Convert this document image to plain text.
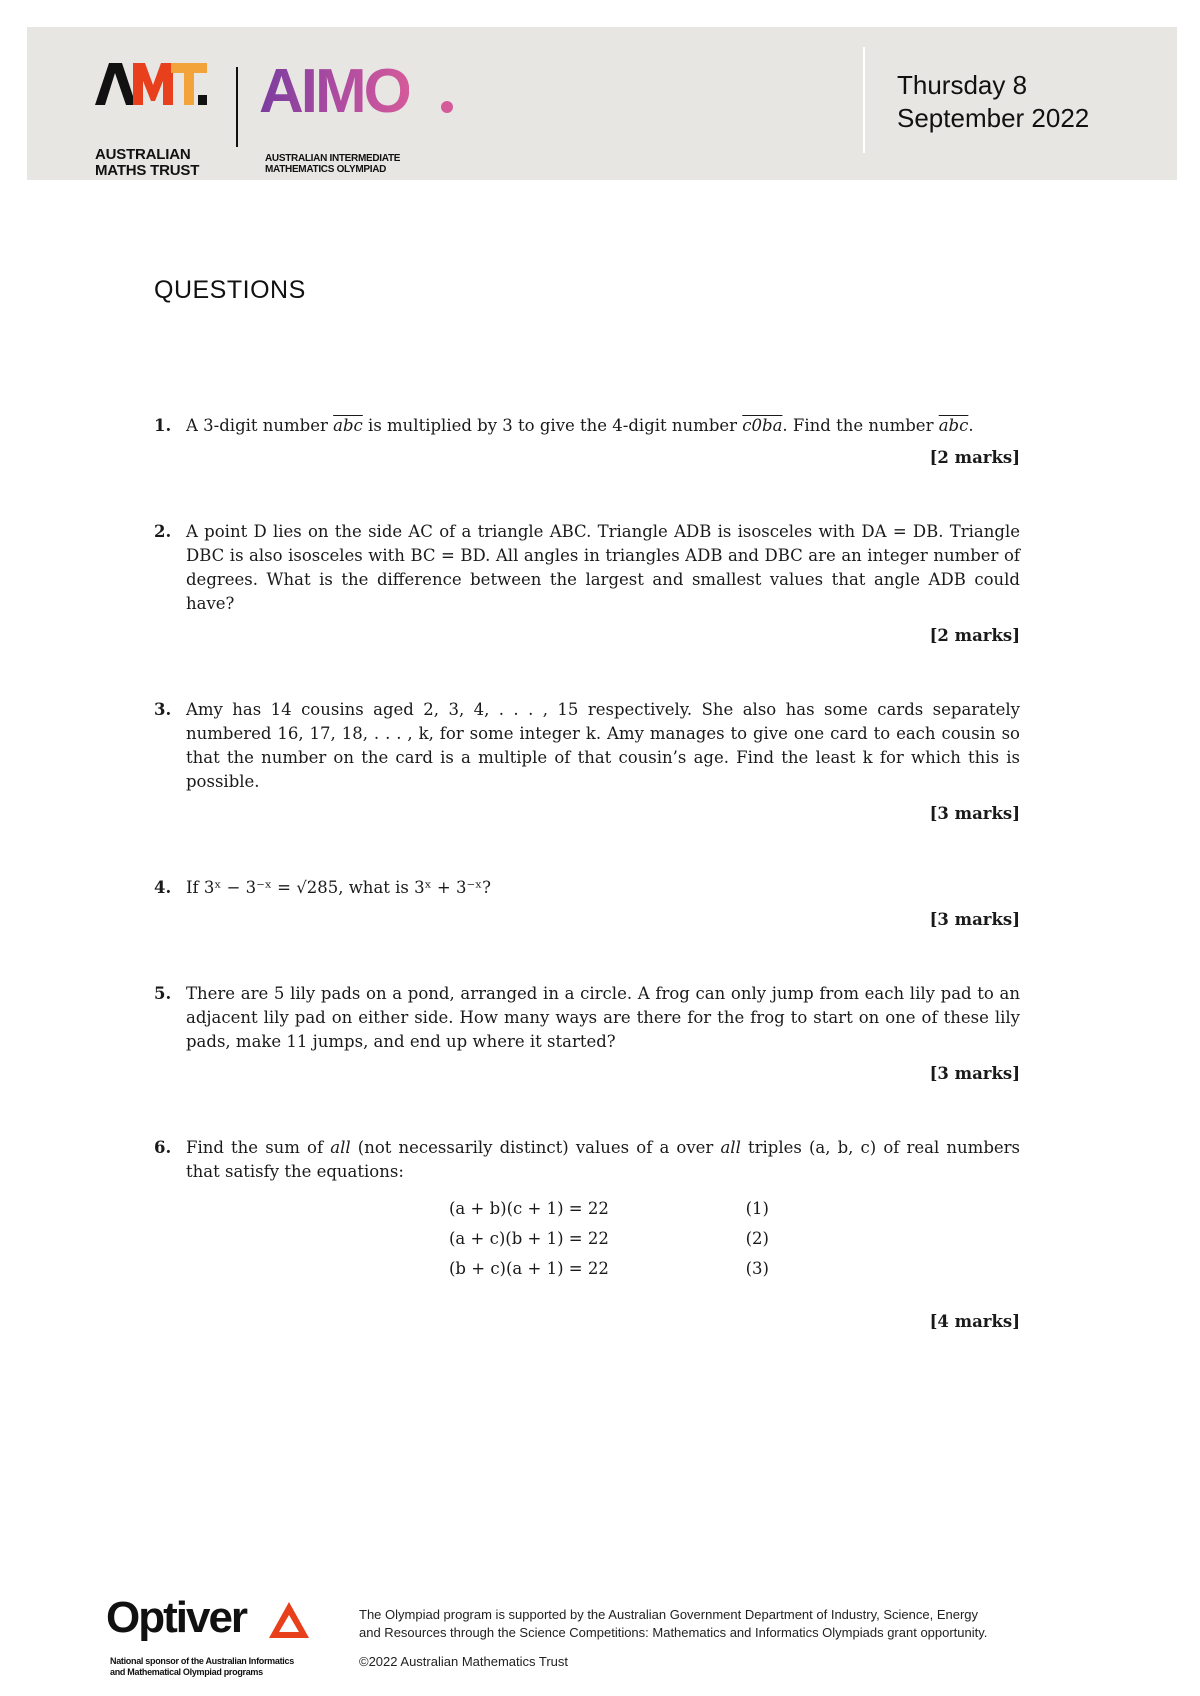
AUSTRALIAN
MATHS TRUST
AIMO
AUSTRALIAN INTERMEDIATE
MATHEMATICS OLYMPIAD
Thursday 8
September 2022
QUESTIONS
1. A 3-digit number $\overline{abc}$ is multiplied by 3 to give the 4-digit number c0ba. Find the number $\overline{abc}$.
[2 marks]
2. A point D lies on the side AC of a triangle ABC. Triangle ADB is isosceles with DA = DB. Triangle DBC is also isosceles with BC = BD. All angles in triangles ADB and DBC are an integer number of degrees. What is the difference between the largest and smallest values that angle ADB could have?
[2 marks]
3. Amy has 14 cousins aged 2, 3, 4, . . . , 15 respectively. She also has some cards separately numbered 16, 17, 18, . . . , k, for some integer k. Amy manages to give one card to each cousin so that the number on the card is a multiple of that cousin’s age. Find the least k for which this is possible.
[3 marks]
4. If 3ˣ − 3⁻ˣ = √285, what is 3ˣ + 3⁻ˣ?
[3 marks]
5. There are 5 lily pads on a pond, arranged in a circle. A frog can only jump from each lily pad to an adjacent lily pad on either side. How many ways are there for the frog to start on one of these lily pads, make 11 jumps, and end up where it started?
[3 marks]
6. Find the sum of all (not necessarily distinct) values of a over all triples (a, b, c) of real numbers that satisfy the equations:
(a + b)(c + 1) = 22	(1)
(a + c)(b + 1) = 22	(2)
(b + c)(a + 1) = 22	(3)
[4 marks]
Optiver
National sponsor of the Australian Informatics
and Mathematical Olympiad programs

The Olympiad program is supported by the Australian Government Department of Industry, Science, Energy

and Resources through the Science Competitions: Mathematics and Informatics Olympiads grant opportunity.

©2022 Australian Mathematics Trust
